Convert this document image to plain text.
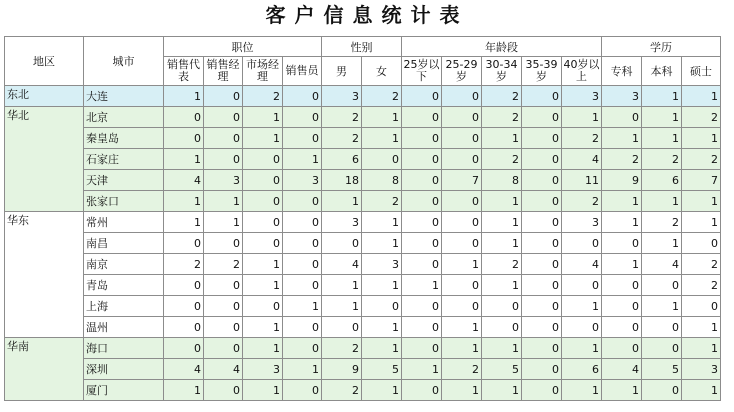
客户信息统计表
地区	城市	职位				性别		年龄段					学历		
		销售代表	销售经理	市场经理	销售员	男	女	25岁以下	25-29岁	30-34岁	35-39岁	40岁以上	专科	本科	硕士
东北	大连	1	0	2	0	3	2	0	0	2	0	3	3	1	1
华北	北京	0	0	1	0	2	1	0	0	2	0	1	0	1	2
	秦皇岛	0	0	1	0	2	1	0	0	1	0	2	1	1	1
	石家庄	1	0	0	1	6	0	0	0	2	0	4	2	2	2
	天津	4	3	0	3	18	8	0	7	8	0	11	9	6	7
	张家口	1	1	0	0	1	2	0	0	1	0	2	1	1	1
华东	常州	1	1	0	0	3	1	0	0	1	0	3	1	2	1
	南昌	0	0	0	0	0	1	0	0	1	0	0	0	1	0
	南京	2	2	1	0	4	3	0	1	2	0	4	1	4	2
	青岛	0	0	1	0	1	1	1	0	1	0	0	0	0	2
	上海	0	0	0	1	1	0	0	0	0	0	1	0	1	0
	温州	0	0	1	0	0	1	0	1	0	0	0	0	0	1
华南	海口	0	0	1	0	2	1	0	1	1	0	1	0	0	1
	深圳	4	4	3	1	9	5	1	2	5	0	6	4	5	3
	厦门	1	0	1	0	2	1	0	1	1	0	1	1	0	1
